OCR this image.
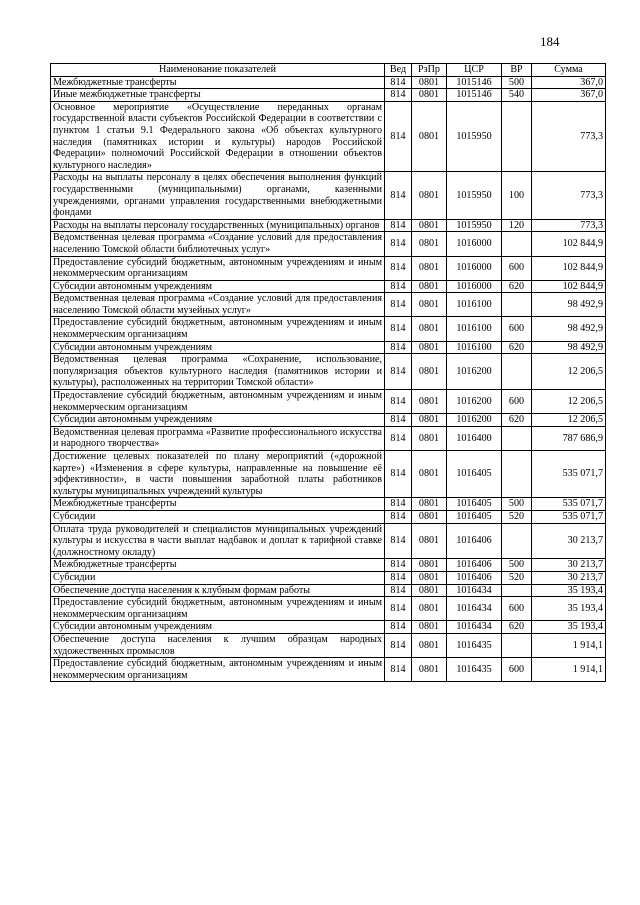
184
Наименование показателей	Вед	РзПр	ЦСР	ВР	Сумма
Межбюджетные трансферты	814	0801	1015146	500	367,0
Иные межбюджетные трансферты	814	0801	1015146	540	367,0
Основное мероприятие «Осуществление переданных органам государственной власти субъектов Российской Федерации в соответствии с пунктом 1 статьи 9.1 Федерального закона «Об объектах культурного наследия (памятниках истории и культуры) народов Российской Федерации» полномочий Российской Федерации в отношении объектов культурного наследия»	814	0801	1015950		773,3
Расходы на выплаты персоналу в целях обеспечения выполнения функций государственными (муниципальными) органами, казенными учреждениями, органами управления государственными внебюджетными фондами	814	0801	1015950	100	773,3
Расходы на выплаты персоналу государственных (муниципальных) органов	814	0801	1015950	120	773,3
Ведомственная целевая программа «Создание условий для предоставления населению Томской области библиотечных услуг»	814	0801	1016000		102 844,9
Предоставление субсидий бюджетным, автономным учреждениям и иным некоммерческим организациям	814	0801	1016000	600	102 844,9
Субсидии автономным учреждениям	814	0801	1016000	620	102 844,9
Ведомственная целевая программа «Создание условий для предоставления населению Томской области музейных услуг»	814	0801	1016100		98 492,9
Предоставление субсидий бюджетным, автономным учреждениям и иным некоммерческим организациям	814	0801	1016100	600	98 492,9
Субсидии автономным учреждениям	814	0801	1016100	620	98 492,9
Ведомственная целевая программа «Сохранение, использование, популяризация объектов культурного наследия (памятников истории и культуры), расположенных на территории Томской области»	814	0801	1016200		12 206,5
Предоставление субсидий бюджетным, автономным учреждениям и иным некоммерческим организациям	814	0801	1016200	600	12 206,5
Субсидии автономным учреждениям	814	0801	1016200	620	12 206,5
Ведомственная целевая программа «Развитие профессионального искусства и народного творчества»	814	0801	1016400		787 686,9
Достижение целевых показателей по плану мероприятий («дорожной карте») «Изменения в сфере культуры, направленные на повышение её эффективности», в части повышения заработной платы работников культуры муниципальных учреждений культуры	814	0801	1016405		535 071,7
Межбюджетные трансферты	814	0801	1016405	500	535 071,7
Субсидии	814	0801	1016405	520	535 071,7
Оплата труда руководителей и специалистов муниципальных учреждений культуры и искусства в части выплат надбавок и доплат к тарифной ставке (должностному окладу)	814	0801	1016406		30 213,7
Межбюджетные трансферты	814	0801	1016406	500	30 213,7
Субсидии	814	0801	1016406	520	30 213,7
Обеспечение доступа населения к клубным формам работы	814	0801	1016434		35 193,4
Предоставление субсидий бюджетным, автономным учреждениям и иным некоммерческим организациям	814	0801	1016434	600	35 193,4
Субсидии автономным учреждениям	814	0801	1016434	620	35 193,4
Обеспечение доступа населения к лучшим образцам народных художественных промыслов	814	0801	1016435		1 914,1
Предоставление субсидий бюджетным, автономным учреждениям и иным некоммерческим организациям	814	0801	1016435	600	1 914,1
